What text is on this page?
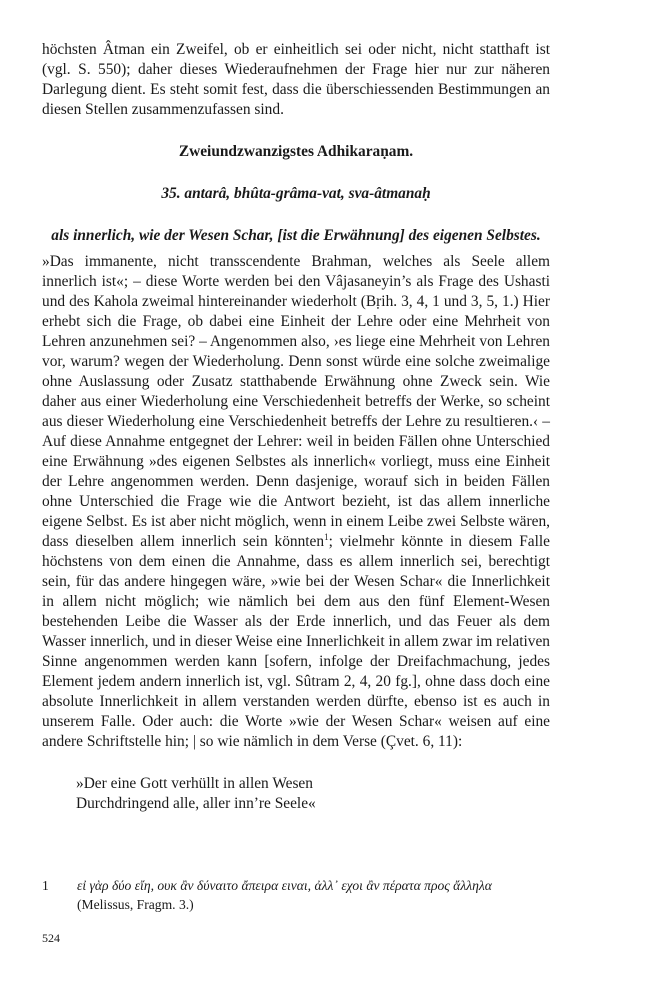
höchsten Âtman ein Zweifel, ob er einheitlich sei oder nicht, nicht statthaft ist (vgl. S. 550); daher dieses Wiederaufnehmen der Frage hier nur zur näheren Darlegung dient. Es steht somit fest, dass die überschiessenden Bestimmungen an diesen Stellen zusammenzufassen sind.

Zweiundzwanzigstes Adhikaraṇam.
35. antarâ, bhûta-grâma-vat, sva-âtmanaḥ
als innerlich, wie der Wesen Schar, [ist die Erwähnung] des eigenen Selbstes.

»Das immanente, nicht transscendente Brahman, welches als Seele allem innerlich ist«; – diese Worte werden bei den Vâjasaneyin’s als Frage des Ushasti und des Kahola zweimal hintereinander wiederholt (Bṛih. 3, 4, 1 und 3, 5, 1.) Hier erhebt sich die Frage, ob dabei eine Einheit der Lehre oder eine Mehrheit von Lehren anzunehmen sei? – Angenommen also, ›es liege eine Mehrheit von Lehren vor, warum? wegen der Wiederholung. Denn sonst würde eine solche zweimalige ohne Auslassung oder Zusatz statthabende Erwähnung ohne Zweck sein. Wie daher aus einer Wiederholung eine Verschiedenheit betreffs der Werke, so scheint aus dieser Wiederholung eine Verschiedenheit betreffs der Lehre zu resultieren.‹ – Auf diese Annahme entgegnet der Lehrer: weil in beiden Fällen ohne Unterschied eine Erwähnung »des eigenen Selbstes als innerlich« vorliegt, muss eine Einheit der Lehre angenommen werden. Denn dasjenige, worauf sich in beiden Fällen ohne Unterschied die Frage wie die Antwort bezieht, ist das allem innerliche eigene Selbst. Es ist aber nicht möglich, wenn in einem Leibe zwei Selbste wären, dass dieselben allem innerlich sein könnten$^1$; vielmehr könnte in diesem Falle höchstens von dem einen die Annahme, dass es allem innerlich sei, berechtigt sein, für das andere hingegen wäre, »wie bei der Wesen Schar« die Innerlichkeit in allem nicht möglich; wie nämlich bei dem aus den fünf Element-Wesen bestehenden Leibe die Wasser als der Erde innerlich, und das Feuer als dem Wasser innerlich, und in dieser Weise eine Innerlichkeit in allem zwar im relativen Sinne angenommen werden kann [sofern, infolge der Dreifachmachung, jedes Element jedem andern innerlich ist, vgl. Sûtram 2, 4, 20 fg.], ohne dass doch eine absolute Innerlichkeit in allem verstanden werden dürfte, ebenso ist es auch in unserem Falle. Oder auch: die Worte »wie der Wesen Schar« weisen auf eine andere Schriftstelle hin; | so wie nämlich in dem Verse (Çvet. 6, 11):

»Der eine Gott verhüllt in allen Wesen
Durchdringend alle, aller inn’re Seele«
1 εἰ γὰρ δύο εἴη, ουκ ἂν δύναιτο ἄπειρα ειναι, ἀλλ᾽ εχοι ἂν πέρατα προς ἄλληλα
(Melissus, Fragm. 3.)
524
